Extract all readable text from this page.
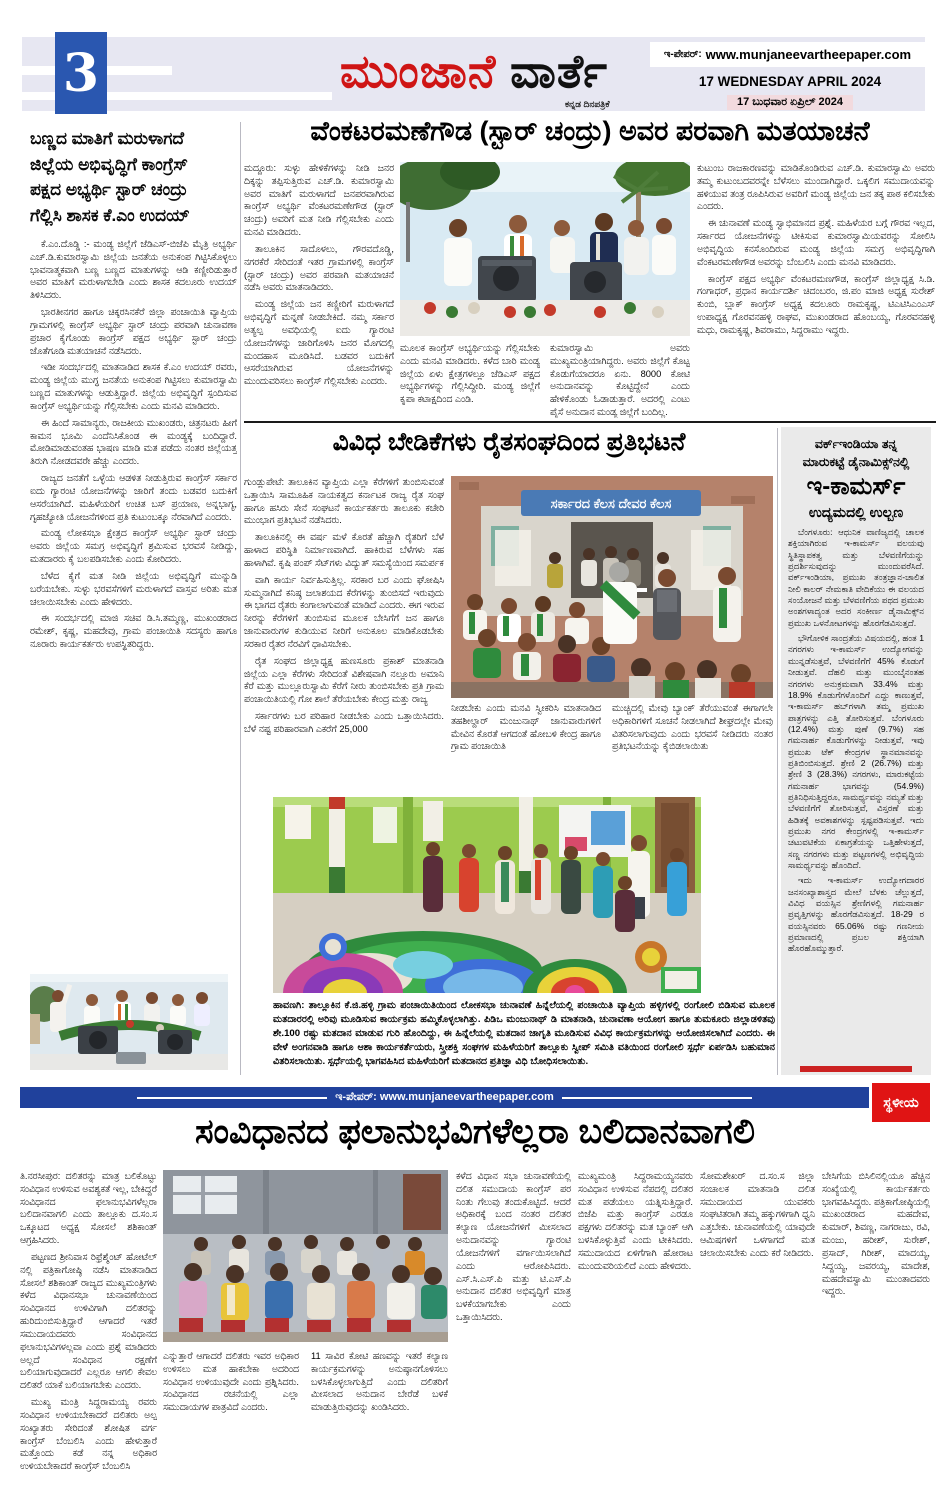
3	ಮುಂಜಾನೆ ವಾರ್ತೆ
ಕನ್ನಡ ದಿನಪತ್ರಿಕೆ
ಇ-ಪೇಪರ್: www.munjaneevartheepaper.com
17 WEDNESDAY APRIL 2024
17 ಬುಧವಾರ ಏಪ್ರಿಲ್ 2024
ಬಣ್ಣದ ಮಾತಿಗೆ ಮರುಳಾಗದೆ
ಜಿಲ್ಲೆಯ ಅಭಿವೃದ್ಧಿಗೆ ಕಾಂಗ್ರೆಸ್
ಪಕ್ಷದ ಅಭ್ಯರ್ಥಿ ಸ್ಟಾರ್ ಚಂದ್ರು
ಗೆಲ್ಲಿಸಿ ಶಾಸಕ ಕೆ.ಎಂ ಉದಯ್

ಕೆ.ಎಂ.ದೊಡ್ಡಿ :- ಮಂಡ್ಯ ಜಿಲ್ಲೆಗೆ ಜೆಡಿಎಸ್-ಬಿಜೆಪಿ ಮೈತ್ರಿ ಅಭ್ಯರ್ಥಿ ಎಚ್.ಡಿ.ಕುಮಾರಸ್ವಾಮಿ ಜಿಲ್ಲೆಯ ಜನತೆಯ ಅನುಕಂಪ ಗಿಟ್ಟಿಸಿಕೊಳ್ಳಲು ಭಾವನಾತ್ಮಕವಾಗಿ ಬಣ್ಣ ಬಣ್ಣದ ಮಾತುಗಳನ್ನು ಆಡಿ ಕಣ್ಣೀರಿಡುತ್ತಾರೆ ಅವರ ಮಾತಿಗೆ ಮರುಳಾಗಬೇಡಿ ಎಂದು ಶಾಸಕ ಕದಲೂರು ಉದಯ್ ತಿಳಿಸಿದರು.

ಭಾರತೀನಗರ ಹಾಗೂ ಚಿಕ್ಕರಸಿನಕೆರೆ ಜಿಲ್ಲಾ ಪಂಚಾಯಿತಿ ವ್ಯಾಪ್ತಿಯ ಗ್ರಾಮಗಳಲ್ಲಿ ಕಾಂಗ್ರೆಸ್ ಅಭ್ಯರ್ಥಿ ಸ್ಟಾರ್ ಚಂದ್ರು ಪರವಾಗಿ ಚುನಾವಣಾ ಪ್ರಚಾರ ಕೈಗೊಂಡು ಕಾಂಗ್ರೆಸ್ ಪಕ್ಷದ ಅಭ್ಯರ್ಥಿ ಸ್ಟಾರ್ ಚಂದ್ರು ಜೊತೆಗೂಡಿ ಮತಯಾಚನೆ ನಡೆಸಿದರು.

ಇಡೀ ಸಂದರ್ಭದಲ್ಲಿ ಮಾತನಾಡಿದ ಶಾಸಕ ಕೆ.ಎಂ ಉದಯ್ ರವರು, ಮಂಡ್ಯ ಜಿಲ್ಲೆಯ ಮುಗ್ಧ ಜನತೆಯ ಅನುಕಂಪ ಗಿಟ್ಟಿಸಲು ಕುಮಾರಸ್ವಾಮಿ ಬಣ್ಣದ ಮಾತುಗಳನ್ನು ಆಡುತ್ತಿದ್ದಾರೆ. ಜಿಲ್ಲೆಯ ಅಭಿವೃದ್ಧಿಗೆ ಸ್ಪಂದಿಸುವ ಕಾಂಗ್ರೆಸ್ ಅಭ್ಯರ್ಥಿಯನ್ನು ಗೆಲ್ಲಿಸಬೇಕು ಎಂದು ಮನವಿ ಮಾಡಿದರು.

ಈ ಹಿಂದೆ ಸಾಮಾನ್ಯರು, ರಾಜಕೀಯ ಮುಖಂಡರು, ಚಿತ್ರನಟರು ಹೀಗೆ ಕಾಮನ ಭೂಮಿ ಎಂದೆನಿಸಿಕೊಂಡ ಈ ಮಂಡ್ಯಕ್ಕೆ ಬಂದಿದ್ದಾರೆ. ಮೋಡಿಮಾಡುವಂತಹ ಭಾಷಣ ಮಾಡಿ ಮತ ಪಡೆದು ನಂತರ ಜಿಲ್ಲೆಯತ್ತ ತಿರುಗಿ ನೋಡದವರೇ ಹೆಚ್ಚು ಎಂದರು.

ರಾಜ್ಯದ ಜನತೆಗೆ ಒಳ್ಳೆಯ ಆಡಳಿತ ನೀಡುತ್ತಿರುವ ಕಾಂಗ್ರೆಸ್ ಸರ್ಕಾರ ಐದು ಗ್ಯಾರಂಟಿ ಯೋಜನೆಗಳನ್ನು ಜಾರಿಗೆ ತಂದು ಬಡವರ ಬದುಕಿಗೆ ಆಸರೆಯಾಗಿದೆ. ಮಹಿಳೆಯರಿಗೆ ಉಚಿತ ಬಸ್ ಪ್ರಯಾಣ, ಅನ್ನಭಾಗ್ಯ, ಗೃಹಜ್ಯೋತಿ ಯೋಜನೆಗಳಿಂದ ಪ್ರತಿ ಕುಟುಂಬಕ್ಕೂ ನೆರವಾಗಿದೆ ಎಂದರು.

ಮಂಡ್ಯ ಲೋಕಸಭಾ ಕ್ಷೇತ್ರದ ಕಾಂಗ್ರೆಸ್ ಅಭ್ಯರ್ಥಿ ಸ್ಟಾರ್ ಚಂದ್ರು ಅವರು ಜಿಲ್ಲೆಯ ಸಮಗ್ರ ಅಭಿವೃದ್ಧಿಗೆ ಶ್ರಮಿಸುವ ಭರವಸೆ ನೀಡಿದ್ದು, ಮತದಾರರು ಕೈ ಬಲಪಡಿಸಬೇಕು ಎಂದು ಕೋರಿದರು.

ಬೆಳೆದ ಕೈಗೆ ಮತ ನೀಡಿ ಜಿಲ್ಲೆಯ ಅಭಿವೃದ್ಧಿಗೆ ಮುನ್ನುಡಿ ಬರೆಯಬೇಕು. ಸುಳ್ಳು ಭರವಸೆಗಳಿಗೆ ಮರುಳಾಗದೆ ವಾಸ್ತವ ಅರಿತು ಮತ ಚಲಾಯಿಸಬೇಕು ಎಂದು ಹೇಳಿದರು.

ಈ ಸಂದರ್ಭದಲ್ಲಿ ಮಾಜಿ ಸಚಿವ ಡಿ.ಸಿ.ತಮ್ಮಣ್ಣ, ಮುಖಂಡರಾದ ರಮೇಶ್, ಕೃಷ್ಣ, ಮಹದೇವು, ಗ್ರಾಮ ಪಂಚಾಯಿತಿ ಸದಸ್ಯರು ಹಾಗೂ ನೂರಾರು ಕಾರ್ಯಕರ್ತರು ಉಪಸ್ಥಿತರಿದ್ದರು.

ವೆಂಕಟರಮಣೆಗೌಡ (ಸ್ಟಾರ್ ಚಂದ್ರು) ಅವರ ಪರವಾಗಿ ಮತಯಾಚನೆ

ಮದ್ದೂರು: ಸುಳ್ಳು ಹೇಳಿಕೆಗಳನ್ನು ನೀಡಿ ಜನರ ದಿಕ್ಕನ್ನು ತಪ್ಪಿಸುತ್ತಿರುವ ಎಚ್.ಡಿ. ಕುಮಾರಸ್ವಾಮಿ ಅವರ ಮಾತಿಗೆ ಮರುಳಾಗದೆ ಜನಪರವಾಗಿರುವ ಕಾಂಗ್ರೆಸ್ ಅಭ್ಯರ್ಥಿ ವೆಂಕಟರಮಣೇಗೌಡ (ಸ್ಟಾರ್ ಚಂದ್ರು) ಅವರಿಗೆ ಮತ ನೀಡಿ ಗೆಲ್ಲಿಸಬೇಕು ಎಂದು ಮನವಿ ಮಾಡಿದರು.

ತಾಲೂಕಿನ ಸಾದೊಳಲು, ಗೌರವದೊಡ್ಡಿ, ನಗರಕೆರೆ ಸೇರಿದಂತೆ ಇತರ ಗ್ರಾಮಗಳಲ್ಲಿ ಕಾಂಗ್ರೆಸ್ (ಸ್ಟಾರ್ ಚಂದ್ರು) ಅವರ ಪರವಾಗಿ ಮತಯಾಚನೆ ನಡೆಸಿ ಅವರು ಮಾತನಾಡಿದರು.

ಮಂಡ್ಯ ಜಿಲ್ಲೆಯ ಜನ ಕಣ್ಣೀರಿಗೆ ಮರುಳಾಗದೆ ಅಭಿವೃದ್ಧಿಗೆ ಮನ್ನಣೆ ನೀಡಬೇಕಿದೆ. ನಮ್ಮ ಸರ್ಕಾರ ಅತ್ಯಲ್ಪ ಅವಧಿಯಲ್ಲಿ ಐದು ಗ್ಯಾರಂಟಿ ಯೋಜನೆಗಳನ್ನು ಜಾರಿಗೊಳಿಸಿ ಜನರ ಮೊಗದಲ್ಲಿ ಮಂದಹಾಸ ಮೂಡಿಸಿದೆ. ಬಡವರ ಬದುಕಿಗೆ ಆಸರೆಯಾಗಿರುವ ಯೋಜನೆಗಳನ್ನು ಮುಂದುವರಿಸಲು ಕಾಂಗ್ರೆಸ್ ಗೆಲ್ಲಿಸಬೇಕು ಎಂದರು.

ಮೂಲಕ ಕಾಂಗ್ರೆಸ್ ಅಭ್ಯರ್ಥಿಯನ್ನು ಗೆಲ್ಲಿಸಬೇಕು ಎಂದು ಮನವಿ ಮಾಡಿದರು. ಕಳೆದ ಬಾರಿ ಮಂಡ್ಯ ಜಿಲ್ಲೆಯ ಏಳು ಕ್ಷೇತ್ರಗಳಲ್ಲೂ ಜೆಡಿಎಸ್ ಪಕ್ಷದ ಅಭ್ಯರ್ಥಿಗಳನ್ನು ಗೆಲ್ಲಿಸಿದ್ದೀರಿ. ಮಂಡ್ಯ ಜಿಲ್ಲೆಗೆ ಕೃಪಾ ಕಟಾಕ್ಷದಿಂದ ಎಂಡಿ.
ಕುಮಾರಸ್ವಾಮಿ ಅವರು ಮುಖ್ಯಮಂತ್ರಿಯಾಗಿದ್ದರು. ಅವರು ಜಿಲ್ಲೆಗೆ ಕೊಟ್ಟ ಕೊಡುಗೆಯಾದರೂ ಏನು. 8000 ಕೋಟಿ ಅನುದಾನವನ್ನು ಕೊಟ್ಟಿದ್ದೇನೆ ಎಂದು ಹೇಳಿಕೊಂಡು ಓಡಾಡುತ್ತಾರೆ. ಅದರಲ್ಲಿ ಎಂಟು ಪೈಸೆ ಅನುದಾನ ಮಂಡ್ಯ ಜಿಲ್ಲೆಗೆ ಬಂದಿಲ್ಲ.

ಕುಟುಂಬ ರಾಜಕಾರಣವನ್ನು ಮಾಡಿಕೊಂಡಿರುವ ಎಚ್.ಡಿ. ಕುಮಾರಸ್ವಾಮಿ ಅವರು ತಮ್ಮ ಕುಟುಂಬದವರನ್ನೇ ಬೆಳೆಸಲು ಮುಂದಾಗಿದ್ದಾರೆ. ಒಕ್ಕಲಿಗ ಸಮುದಾಯವನ್ನು ಹಳಿಯುವ ತಂತ್ರ ರೂಪಿಸಿರುವ ಅವರಿಗೆ ಮಂಡ್ಯ ಜಿಲ್ಲೆಯ ಜನ ತಕ್ಕ ಪಾಠ ಕಲಿಸಬೇಕು ಎಂದರು.

ಈ ಚುನಾವಣೆ ಮಂಡ್ಯ ಸ್ವಾಭಿಮಾನದ ಪ್ರಶ್ನೆ. ಮಹಿಳೆಯರ ಬಗ್ಗೆ ಗೌರವ ಇಲ್ಲದ, ಸರ್ಕಾರದ ಯೋಜನೆಗಳನ್ನು ಟೀಕಿಸುವ ಕುಮಾರಸ್ವಾಮಿಯವರನ್ನು ಸೋಲಿಸಿ ಅಭಿವೃದ್ಧಿಯ ಕನಸೊಂದಿರುವ ಮಂಡ್ಯ ಜಿಲ್ಲೆಯ ಸಮಗ್ರ ಅಭಿವೃದ್ಧಿಗಾಗಿ ವೆಂಕಟರಮಣೇಗೌಡ ಅವರನ್ನು ಬೆಂಬಲಿಸಿ ಎಂದು ಮನವಿ ಮಾಡಿದರು.

ಕಾಂಗ್ರೆಸ್ ಪಕ್ಷದ ಅಭ್ಯರ್ಥಿ ವೆಂಕಟರಮಣಗೌಡ, ಕಾಂಗ್ರೆಸ್ ಜಿಲ್ಲಾಧ್ಯಕ್ಷ ಸಿ.ಡಿ. ಗಂಗಾಧರ್, ಪ್ರಧಾನ ಕಾರ್ಯದರ್ಶಿ ಚಿದಂಬರಂ, ಜಿ.ಪಂ ಮಾಜಿ ಅಧ್ಯಕ್ಷ ಸುರೇಶ್ ಕುಂಬಿ, ಬ್ಲಾಕ್ ಕಾಂಗ್ರೆಸ್ ಅಧ್ಯಕ್ಷ ಕದಲೂರು ರಾಮಕೃಷ್ಣ, ಟಿಎಟಿಸಿಎಂಎಸ್ ಉಪಾಧ್ಯಕ್ಷ ಗೊರವನಹಳ್ಳಿ ರಾಘವ, ಮುಖಂಡರಾದ ಹೊಂಬಯ್ಯ, ಗೊರವನಹಳ್ಳಿ ಮಧು, ರಾಮಕೃಷ್ಣ, ಶಿವರಾಮು, ಸಿದ್ದರಾಮು ಇದ್ದರು.

ವಿವಿಧ ಬೇಡಿಕೆಗಳು ರೈತಸಂಘದಿಂದ ಪ್ರತಿಭಟನೆ

ಗುಂಡ್ಲುಪೇಟೆ: ತಾಲೂಕಿನ ವ್ಯಾಪ್ತಿಯ ಎಲ್ಲಾ ಕೆರೆಗಳಿಗೆ ತುಂಬಿಸುವಂತೆ ಒತ್ತಾಯಿಸಿ ಸಾಮೂಹಿಕ ನಾಯಕತ್ವದ ಕರ್ನಾಟಕ ರಾಜ್ಯ ರೈತ ಸಂಘ ಹಾಗೂ ಹಸಿರು ಸೇನೆ ಸಂಘಟನೆ ಕಾರ್ಯಕರ್ತರು ತಾಲೂಕು ಕಚೇರಿ ಮುಂಭಾಗ ಪ್ರತಿಭಟನೆ ನಡೆಸಿದರು.

ತಾಲೂಕಿನಲ್ಲಿ ಈ ವರ್ಷ ಮಳೆ ಕೊರತೆ ಹೆಚ್ಚಾಗಿ ರೈತರಿಗೆ ಬೆಳೆ ಹಾಳಾದ ಪರಿಸ್ಥಿತಿ ನಿರ್ಮಾಣವಾಗಿದೆ. ಹಾಕಿರುವ ಬೆಳೆಗಳು ಸಹ ಹಾಳಾಗಿವೆ. ಕೃಷಿ ಪಂಪ್ ಸೆಟ್‌ಗಳು ವಿದ್ಯುತ್ ಸಮಸ್ಯೆಯಿಂದ ಸಮರ್ಪಕ

ವಾಗಿ ಕಾರ್ಯ ನಿರ್ವಹಿಸುತ್ತಿಲ್ಲ. ಸರಕಾರ ಬರ ಎಂದು ಘೋಷಿಸಿ ಸುಮ್ಮನಾಗಿದೆ ಕನಿಷ್ಠ ಜಲಾಶಯದ ಕೆರೆಗಳನ್ನು ತುಂಬಿಸದೆ ಇರುವುದು ಈ ಭಾಗದ ರೈತರು ಕಂಗಾಲಾಗುವಂತೆ ಮಾಡಿದೆ ಎಂದರು. ಈಗ ಇರುವ ನೀರನ್ನು ಕೆರೆಗಳಿಗೆ ತುಂಬಿಸುವ ಮೂಲಕ ಬೇಸಿಗೆಗೆ ಜನ ಹಾಗೂ ಜಾನುವಾರುಗಳ ಕುಡಿಯುವ ನೀರಿಗೆ ಅನುಕೂಲ ಮಾಡಿಕೊಡಬೇಕು ಸರಕಾರ ರೈತರ ನೆರವಿಗೆ ಧಾವಿಸಬೇಕು.

ರೈತ ಸಂಘದ ಜಿಲ್ಲಾಧ್ಯಕ್ಷ ಹುಣಸೂರು ಪ್ರಕಾಶ್ ಮಾತನಾಡಿ ಜಿಲ್ಲೆಯ ಎಲ್ಲಾ ಕೆರೆಗಳು ಸೇರಿದಂತೆ ವಿಶೇಷವಾಗಿ ನಲ್ಲೂರು ಅಮಾನಿ ಕೆರೆ ಮತ್ತು ಮುಲ್ಲೂರುಸ್ವಾಮಿ ಕೆರೆಗೆ ನೀರು ತುಂಬಿಸಬೇಕು ಪ್ರತಿ ಗ್ರಾಮ ಪಂಚಾಯಿತಿಯಲ್ಲಿ ಗೋ ಶಾಲೆ ತೆರೆಯಬೇಕು ಕೇಂದ್ರ ಮತ್ತು ರಾಜ್ಯ

ಸರ್ಕಾರಗಳು ಬರ ಪರಿಹಾರ ನೀಡಬೇಕು ಎಂದು ಒತ್ತಾಯಿಸಿದರು. ಬೆಳೆ ನಷ್ಟ ಪರಿಹಾರವಾಗಿ ಎಕರೆಗೆ 25,000

ಸರ್ಕಾರದ ಕೆಲಸ ದೇವರ ಕೆಲಸ
ನೀಡಬೇಕು ಎಂದು ಮನವಿ ಸ್ವೀಕರಿಸಿ ಮಾತನಾಡಿದ ತಹಶೀಲ್ದಾರ್ ಮಂಜುನಾಥ್ ಜಾನುವಾರುಗಳಿಗೆ ಮೇವಿನ ಕೊರತೆ ಆಗದಂತೆ ಹೋಬಳಿ ಕೇಂದ್ರ ಹಾಗೂ ಗ್ರಾಮ ಪಂಚಾಯಿತಿ
ಮುಚ್ಚಿದಲ್ಲಿ ಮೇವು ಬ್ಯಾಂಕ್ ತೆರೆಯುವಂತೆ ಈಗಾಗಲೇ ಅಧಿಕಾರಿಗಳಿಗೆ ಸೂಚನೆ ನೀಡಲಾಗಿದೆ ಶೀಘ್ರದಲ್ಲೇ ಮೇವು ವಿತರಿಸಲಾಗುವುದು ಎಂದು ಭರವಸೆ ನೀಡಿದರು ನಂತರ ಪ್ರತಿಭಟನೆಯನ್ನು ಕೈಬಿಡಲಾಯಿತು
ವರ್ಕ್‌ಇಂಡಿಯಾ ತನ್ನ
ಮಾರುಕಟ್ಟೆ ಡೈನಾಮಿಕ್ಸ್‌ನಲ್ಲಿ
ಇ-ಕಾಮರ್ಸ್
ಉದ್ಯಮದಲ್ಲಿ ಉಲ್ಬಣ

ಬೆಂಗಳೂರು: ಆಧುನಿಕ ವಾಣಿಜ್ಯದಲ್ಲಿ ಚಾಲಕ ಶಕ್ತಿಯಾಗಿರುವ ಇ-ಕಾಮರ್ಸ್ ವಲಯವು ಸ್ಥಿತಿಸ್ಥಾಪಕತ್ವ ಮತ್ತು ಬೆಳವಣಿಗೆಯನ್ನು ಪ್ರದರ್ಶಿಸುವುದನ್ನು ಮುಂದುವರೆಸಿದೆ. ವರ್ಕ್‌ಇಂಡಿಯಾ, ಪ್ರಮುಖ ತಂತ್ರಜ್ಞಾನ-ಚಾಲಿತ ನೀಲಿ ಕಾಲರ್ ನೇಮಕಾತಿ ವೇದಿಕೆಯು ಈ ವಲಯದ ಸಂಯೋಜನೆ ಮತ್ತು ಬೆಳವಣಿಗೆಯ ಪಥದ ಪ್ರಮುಖ ಅಂಶಗಳಾದ್ಯಂತ ಅದರ ಸಂಕೀರ್ಣ ಡೈನಾಮಿಕ್ಸ್‌ನ ಪ್ರಮುಖ ಒಳನೋಟಗಳನ್ನು ಹೊರಗೆಡವಿಸುತ್ತದೆ.

ಭೌಗೋಳಿಕ ಸಾಂದ್ರತೆಯ ವಿಷಯದಲ್ಲಿ, ಹಂತ 1 ನಗರಗಳು ಇ-ಕಾಮರ್ಸ್ ಉದ್ಯೋಗವನ್ನು ಮುನ್ನಡೆಸುತ್ತವೆ, ಬೆಳವಣಿಗೆಗೆ 45% ಕೊಡುಗೆ ನೀಡುತ್ತವೆ. ದೆಹಲಿ ಮತ್ತು ಮುಂಬೈನಂತಹ ನಗರಗಳು ಅನುಕ್ರಮವಾಗಿ 33.4% ಮತ್ತು 18.9% ಕೊಡುಗೆಗಳೊಂದಿಗೆ ಎದ್ದು ಕಾಣುತ್ತವೆ, ಇ-ಕಾಮರ್ಸ್ ಹಬ್‌ಗಳಾಗಿ ತಮ್ಮ ಪ್ರಮುಖ ಪಾತ್ರಗಳನ್ನು ಎತ್ತಿ ತೋರಿಸುತ್ತವೆ. ಬೆಂಗಳೂರು (12.4%) ಮತ್ತು ಪುಣೆ (9.7%) ಸಹ ಗಮನಾರ್ಹ ಕೊಡುಗೆಗಳನ್ನು ನೀಡುತ್ತವೆ, ಇವು ಪ್ರಮುಖ ಟೆಕ್ ಕೇಂದ್ರಗಳ ಸ್ಥಾನಮಾನವನ್ನು ಪ್ರತಿಬಿಂಬಿಸುತ್ತದೆ. ಶ್ರೇಣಿ 2 (26.7%) ಮತ್ತು ಶ್ರೇಣಿ 3 (28.3%) ನಗರಗಳು, ಮಾರುಕಟ್ಟೆಯ ಗಮನಾರ್ಹ ಭಾಗವನ್ನು (54.9%) ಪ್ರತಿನಿಧಿಸುತ್ತಿದ್ದರೂ, ಸಾಮರ್ಥ್ಯವನ್ನು ನಮ್ಯತೆ ಮತ್ತು ಬೆಳವಣಿಗೆಗೆ ತೋರಿಸುತ್ತವೆ, ವಿಸ್ತರಣೆ ಮತ್ತು ಹಿಡಿತಕ್ಕೆ ಅವಕಾಶಗಳನ್ನು ಸ್ಪಷ್ಟಪಡಿಸುತ್ತವೆ. ಇದು ಪ್ರಮುಖ ನಗರ ಕೇಂದ್ರಗಳಲ್ಲಿ ಇ-ಕಾಮರ್ಸ್ ಚಟುವಟಿಕೆಯ ಏಕಾಗ್ರತೆಯನ್ನು ಒತ್ತಿಹೇಳುತ್ತದೆ, ಸಣ್ಣ ನಗರಗಳು ಮತ್ತು ಪಟ್ಟಣಗಳಲ್ಲಿ ಅಭಿವೃದ್ಧಿಯ ಸಾಮರ್ಥ್ಯವನ್ನು ಹೊಂದಿದೆ.

ಇದು ಇ-ಕಾಮರ್ಸ್ ಉದ್ಯೋಗದಾರರ ಜನಸಂಖ್ಯಾಶಾಸ್ತ್ರದ ಮೇಲೆ ಬೆಳಕು ಚೆಲ್ಲುತ್ತದೆ, ವಿವಿಧ ವಯಸ್ಸಿನ ಶ್ರೇಣಿಗಳಲ್ಲಿ ಗಮನಾರ್ಹ ಪ್ರವೃತ್ತಿಗಳನ್ನು ಹೊರಗೆಡವಿಸುತ್ತದೆ. 18-29 ರ ವಯಸ್ಸಿನವರು 65.06% ರಷ್ಟು ಗಣನೀಯ ಪ್ರಮಾಣದಲ್ಲಿ ಪ್ರಬಲ ಶಕ್ತಿಯಾಗಿ ಹೊರಹೊಮ್ಮುತ್ತಾರೆ.

ಹಾವಣಗಿ: ತಾಲ್ಲೂಕಿನ ಕೆ.ಜಿ.ಹಳ್ಳಿ ಗ್ರಾಮ ಪಂಚಾಯಿತಿಯಿಂದ ಲೋಕಸಭಾ ಚುನಾವಣೆ ಹಿನ್ನೆಲೆಯಲ್ಲಿ ಪಂಚಾಯಿತಿ ವ್ಯಾಪ್ತಿಯ ಹಳ್ಳಿಗಳಲ್ಲಿ ರಂಗೋಲಿ ಬಿಡಿಸುವ ಮೂಲಕ ಮತದಾರರಲ್ಲಿ ಅರಿವು ಮೂಡಿಸುವ ಕಾರ್ಯಕ್ರಮ ಹಮ್ಮಿಕೊಳ್ಳಲಾಗಿತ್ತು. ಪಿಡಿಒ ಮಂಜುನಾಥ್ ಡಿ ಮಾತನಾಡಿ, ಚುನಾವಣಾ ಆಯೋಗ ಹಾಗೂ ತುಮಕೂರು ಜಿಲ್ಲಾಡಳಿತವು ಶೇ.100 ರಷ್ಟು ಮತದಾನ ಮಾಡುವ ಗುರಿ ಹೊಂದಿದ್ದು, ಈ ಹಿನ್ನೆಲೆಯಲ್ಲಿ ಮತದಾನ ಜಾಗೃತಿ ಮೂಡಿಸುವ ವಿವಿಧ ಕಾರ್ಯಕ್ರಮಗಳನ್ನು ಆಯೋಜಿಸಲಾಗಿದೆ ಎಂದರು. ಈ ವೇಳೆ ಅಂಗನವಾಡಿ ಹಾಗೂ ಆಶಾ ಕಾರ್ಯಕರ್ತೆಯರು, ಸ್ತ್ರೀಶಕ್ತಿ ಸಂಘಗಳ ಮಹಿಳೆಯರಿಗೆ ತಾಲ್ಲೂಕು ಸ್ವೀಪ್ ಸಮಿತಿ ವತಿಯಿಂದ ರಂಗೋಲಿ ಸ್ಪರ್ಧೆ ಏರ್ಪಡಿಸಿ ಬಹುಮಾನ ವಿತರಿಸಲಾಯಿತು. ಸ್ಪರ್ಧೆಯಲ್ಲಿ ಭಾಗವಹಿಸಿದ ಮಹಿಳೆಯರಿಗೆ ಮತದಾನದ ಪ್ರತಿಜ್ಞಾ ವಿಧಿ ಬೋಧಿಸಲಾಯಿತು.
ಇ-ಪೇಪರ್: www.munjaneevartheepaper.com	ಸ್ಥಳೀಯ
ಸಂವಿಧಾನದ ಫಲಾನುಭವಿಗಳೆಲ್ಲರಾ ಬಲಿದಾನವಾಗಲಿ

ತಿ.ನರಸೀಪುರ: ದಲಿತರನ್ನು ಮಾತ್ರ ಬಲಿಕೊಟ್ಟು ಸಂವಿಧಾನ ಉಳಿಸುವ ಅವಶ್ಯಕತೆ ಇಲ್ಲ, ಬೇಕಿದ್ದರೆ ಸಂವಿಧಾನದ ಫಲಾನುಭವಿಗಳೆಲ್ಲರಾ ಬಲಿದಾನವಾಗಲಿ ಎಂದು ತಾಲ್ಲೂಕು ದ.ಸಂ.ಸ ಒಕ್ಕೂಟದ ಅಧ್ಯಕ್ಷ ಸೋಸಲೆ ಶಶಿಕಾಂತ್ ಆಗ್ರಹಿಸಿದರು.

ಪಟ್ಟಣದ ಶ್ರೀನಿವಾಸ ರಿಫ್ರೆಶ್ಮೆಂಟ್ ಹೋಟೆಲ್ ನಲ್ಲಿ ಪತ್ರಿಕಾಗೋಷ್ಠಿ ನಡೆಸಿ ಮಾತನಾಡಿದ ಸೋಸಲೆ ಶಶಿಕಾಂತ್ ರಾಜ್ಯದ ಮುಖ್ಯಮಂತ್ರಿಗಳು ಕಳೆದ ವಿಧಾನಸಭಾ ಚುನಾವಣೆಯಿಂದ ಸಂವಿಧಾನದ ಉಳಿವಿಗಾಗಿ ದಲಿತರನ್ನು ಹುರಿದುಂಬಿಸುತ್ತಿದ್ದಾರೆ ಆಗಾದರೆ ಇತರೆ ಸಮುದಾಯದವರು ಸಂವಿಧಾನದ ಫಲಾನುಭವಿಗಳಲ್ಲವಾ ಎಂದು ಪ್ರಶ್ನೆ ಮಾಡಿದರು ಅಲ್ಲದೆ ಸಂವಿಧಾನ ರಕ್ಷಣೆಗೆ ಬಲಿಯಾಗುವುದಾದರೆ ಎಲ್ಲರೂ ಆಗಲಿ ಕೇವಲ ದಲಿತರೆ ಯಾಕೆ ಬಲಿಯಾಗಬೇಕು ಎಂದರು.

ಮುಖ್ಯ ಮಂತ್ರಿ ಸಿದ್ದರಾಮಯ್ಯ ರವರು ಸಂವಿಧಾನ ಉಳಿಯಬೇಕಾದರೆ ದಲಿತರು ಅಲ್ಪ ಸಂಖ್ಯಾತರು ಸೇರಿದಂತೆ ಶೋಷಿತ ವರ್ಗ ಕಾಂಗ್ರೆಸ್ ಬೆಂಬಲಿಸಿ ಎಂದು ಹೇಳುತ್ತಾರೆ ಮತ್ತೊಂದು ಕಡೆ ನನ್ನ ಅಧಿಕಾರ ಉಳಿಯಬೇಕಾದರೆ ಕಾಂಗ್ರೆಸ್ ಬೆಂಬಲಿಸಿ

ಎನ್ನುತ್ತಾರೆ ಆಗಾದರೆ ದಲಿತರು ಇವರ ಅಧಿಕಾರ ಉಳಿಸಲು ಮತ ಹಾಕಬೇಕಾ ಅದರಿಂದ ಸಂವಿಧಾನ ಉಳಿಯುವುದೇ ಎಂದು ಪ್ರಶ್ನಿಸಿದರು. ಸಂವಿಧಾನದ ರಚನೆಯಲ್ಲಿ ಎಲ್ಲಾ ಸಮುದಾಯಗಳ ಪಾತ್ರವಿದೆ ಎಂದರು.
11 ಸಾವಿರ ಕೋಟಿ ಹಣವನ್ನು ಇತರೆ ಕಲ್ಯಾಣ ಕಾರ್ಯಕ್ರಮಗಳನ್ನು ಅನುಷ್ಠಾನಗೊಳಿಸಲು ಬಳಸಿಕೊಳ್ಳಲಾಗುತ್ತಿದೆ ಎಂದು ದಲಿತರಿಗೆ ಮೀಸಲಾದ ಅನುದಾನ ಬೇರೆಡೆ ಬಳಕೆ ಮಾಡುತ್ತಿರುವುದನ್ನು ಖಂಡಿಸಿದರು.
ಕಳೆದ ವಿಧಾನ ಸಭಾ ಚುನಾವಣೆಯಲ್ಲಿ ದಲಿತ ಸಮುದಾಯ ಕಾಂಗ್ರೆಸ್ ಪರ ನಿಂತು ಗೆಲುವು ತಂದುಕೊಟ್ಟಿದೆ. ಆದರೆ ಅಧಿಕಾರಕ್ಕೆ ಬಂದ ನಂತರ ದಲಿತರ ಕಲ್ಯಾಣ ಯೋಜನೆಗಳಿಗೆ ಮೀಸಲಾದ ಅನುದಾನವನ್ನು ಗ್ಯಾರಂಟಿ ಯೋಜನೆಗಳಿಗೆ ವರ್ಗಾಯಿಸಲಾಗಿದೆ ಎಂದು ಆರೋಪಿಸಿದರು. ಎಸ್.ಸಿ.ಎಸ್.ಪಿ ಮತ್ತು ಟಿ.ಎಸ್.ಪಿ ಅನುದಾನ ದಲಿತರ ಅಭಿವೃದ್ಧಿಗೆ ಮಾತ್ರ ಬಳಕೆಯಾಗಬೇಕು ಎಂದು ಒತ್ತಾಯಿಸಿದರು.
ಮುಖ್ಯಮಂತ್ರಿ ಸಿದ್ದರಾಮಯ್ಯನವರು ಸಂವಿಧಾನ ಉಳಿಸುವ ನೆಪದಲ್ಲಿ ದಲಿತರ ಮತ ಪಡೆಯಲು ಯತ್ನಿಸುತ್ತಿದ್ದಾರೆ. ಬಿಜೆಪಿ ಮತ್ತು ಕಾಂಗ್ರೆಸ್ ಎರಡೂ ಪಕ್ಷಗಳು ದಲಿತರನ್ನು ಮತ ಬ್ಯಾಂಕ್ ಆಗಿ ಬಳಸಿಕೊಳ್ಳುತ್ತಿವೆ ಎಂದು ಟೀಕಿಸಿದರು. ಸಮುದಾಯದ ಏಳಿಗೆಗಾಗಿ ಹೋರಾಟ ಮುಂದುವರಿಯಲಿದೆ ಎಂದು ಹೇಳಿದರು.
ಸೋಮಶೇಖರ್ ದ.ಸಂ.ಸ ಜಿಲ್ಲಾ ಸಂಚಾಲಕ ಮಾತನಾಡಿ ದಲಿತ ಸಮುದಾಯದ ಯುವಕರು ಸಂಘಟಿತರಾಗಿ ತಮ್ಮ ಹಕ್ಕುಗಳಿಗಾಗಿ ಧ್ವನಿ ಎತ್ತಬೇಕು. ಚುನಾವಣೆಯಲ್ಲಿ ಯಾವುದೇ ಆಮಿಷಗಳಿಗೆ ಒಳಗಾಗದೆ ಮತ ಚಲಾಯಿಸಬೇಕು ಎಂದು ಕರೆ ನೀಡಿದರು.
ಬೇಸಿಗೆಯ ಬಿಸಿಲಿನಲ್ಲಿಯೂ ಹೆಚ್ಚಿನ ಸಂಖ್ಯೆಯಲ್ಲಿ ಕಾರ್ಯಕರ್ತರು ಭಾಗವಹಿಸಿದ್ದರು. ಪತ್ರಿಕಾಗೋಷ್ಠಿಯಲ್ಲಿ ಮುಖಂಡರಾದ ಮಹದೇವ, ಕುಮಾರ್, ಶಿವಣ್ಣ, ನಾಗರಾಜು, ರವಿ, ಮಂಜು, ಹರೀಶ್, ಸುರೇಶ್, ಪ್ರಸಾದ್, ಗಿರೀಶ್, ಮಾದಯ್ಯ, ಸಿದ್ದಯ್ಯ, ಜವರಯ್ಯ, ಮಾದೇಶ, ಮಹದೇವಸ್ವಾಮಿ ಮುಂತಾದವರು ಇದ್ದರು.
